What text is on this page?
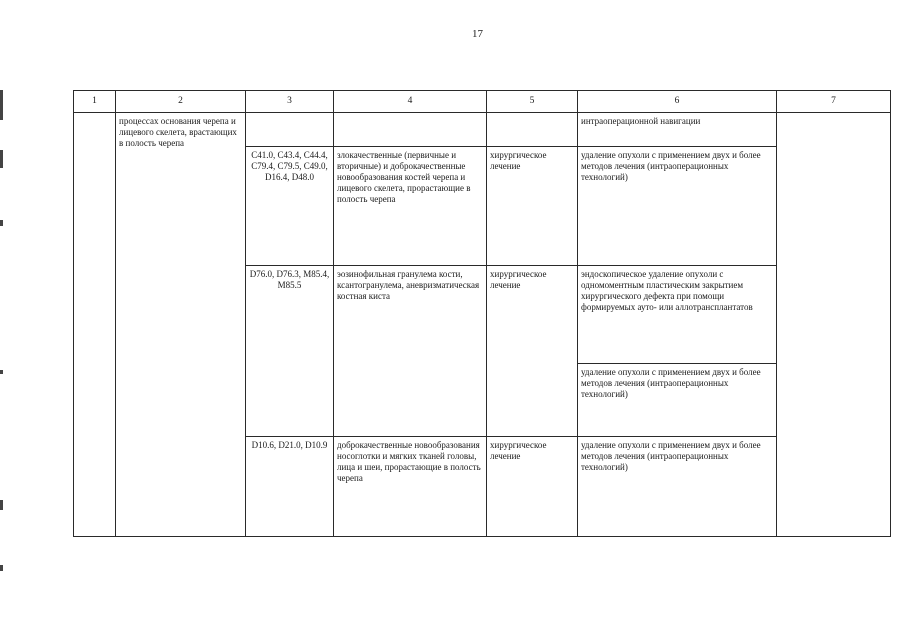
17
1	2	3	4	5	6	7
	процессах основания черепа и лицевого скелета, врастающих в полость черепа				интраоперационной навигации	
		C41.0, C43.4, C44.4, C79.4, C79.5, C49.0, D16.4, D48.0	злокачественные (первичные и вторичные) и доброкачественные новообразования костей черепа и лицевого скелета, прорастающие в полость черепа	хирургическое лечение	удаление опухоли с применением двух и более методов лечения (интраоперационных технологий)	
		D76.0, D76.3, M85.4, M85.5	эозинофильная гранулема кости, ксантогранулема, аневризматическая костная киста	хирургическое лечение	эндоскопическое удаление опухоли с одномоментным пластическим закрытием хирургического дефекта при помощи формируемых ауто- или аллотрансплантатов	
					удаление опухоли с применением двух и более методов лечения (интраоперационных технологий)	
		D10.6, D21.0, D10.9	доброкачественные новообразования носоглотки и мягких тканей головы, лица и шеи, прорастающие в полость черепа	хирургическое лечение	удаление опухоли с применением двух и более методов лечения (интраоперационных технологий)	
